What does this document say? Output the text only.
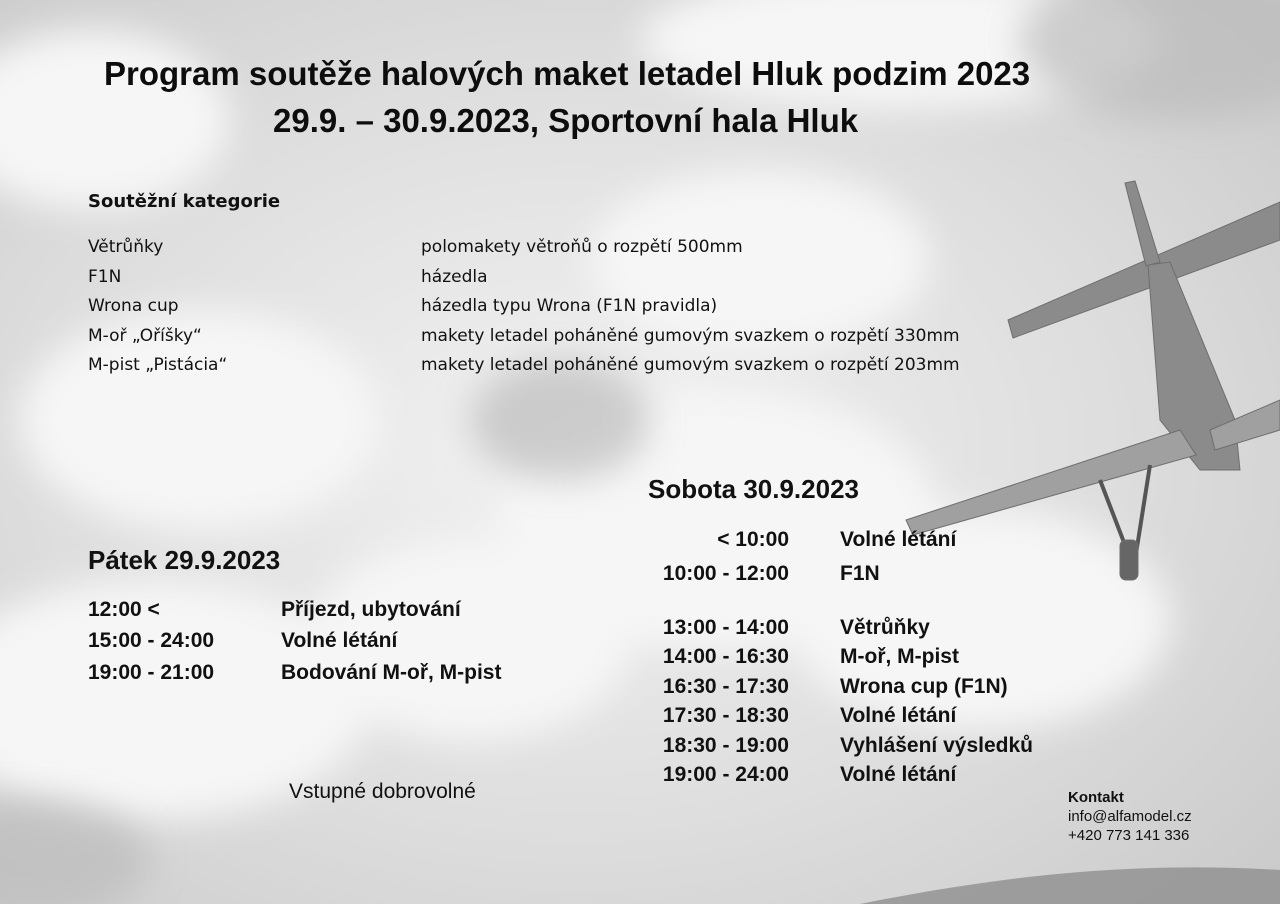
Program soutěže halových maket letadel Hluk podzim 2023
29.9. – 30.9.2023, Sportovní hala Hluk
Soutěžní kategorie
Větrůňky	polomakety větroňů o rozpětí 500mm
F1N	házedla
Wrona cup	házedla typu Wrona (F1N pravidla)
M-oř „Oříšky“	makety letadel poháněné gumovým svazkem o rozpětí 330mm
M-pist „Pistácia“	makety letadel poháněné gumovým svazkem o rozpětí 203mm
Pátek 29.9.2023
12:00 <	Příjezd, ubytování
15:00 - 24:00	Volné létání
19:00 - 21:00	Bodování M-oř, M-pist
Sobota 30.9.2023
< 10:00 Volné létání
10:00 - 12:00 F1N
13:00 - 14:00 Větrůňky
14:00 - 16:30 M-oř, M-pist
16:30 - 17:30 Wrona cup (F1N)
17:30 - 18:30 Volné létání
18:30 - 19:00 Vyhlášení výsledků
19:00 - 24:00 Volné létání
Vstupné dobrovolné	Kontakt
info@alfamodel.cz
+420 773 141 336
